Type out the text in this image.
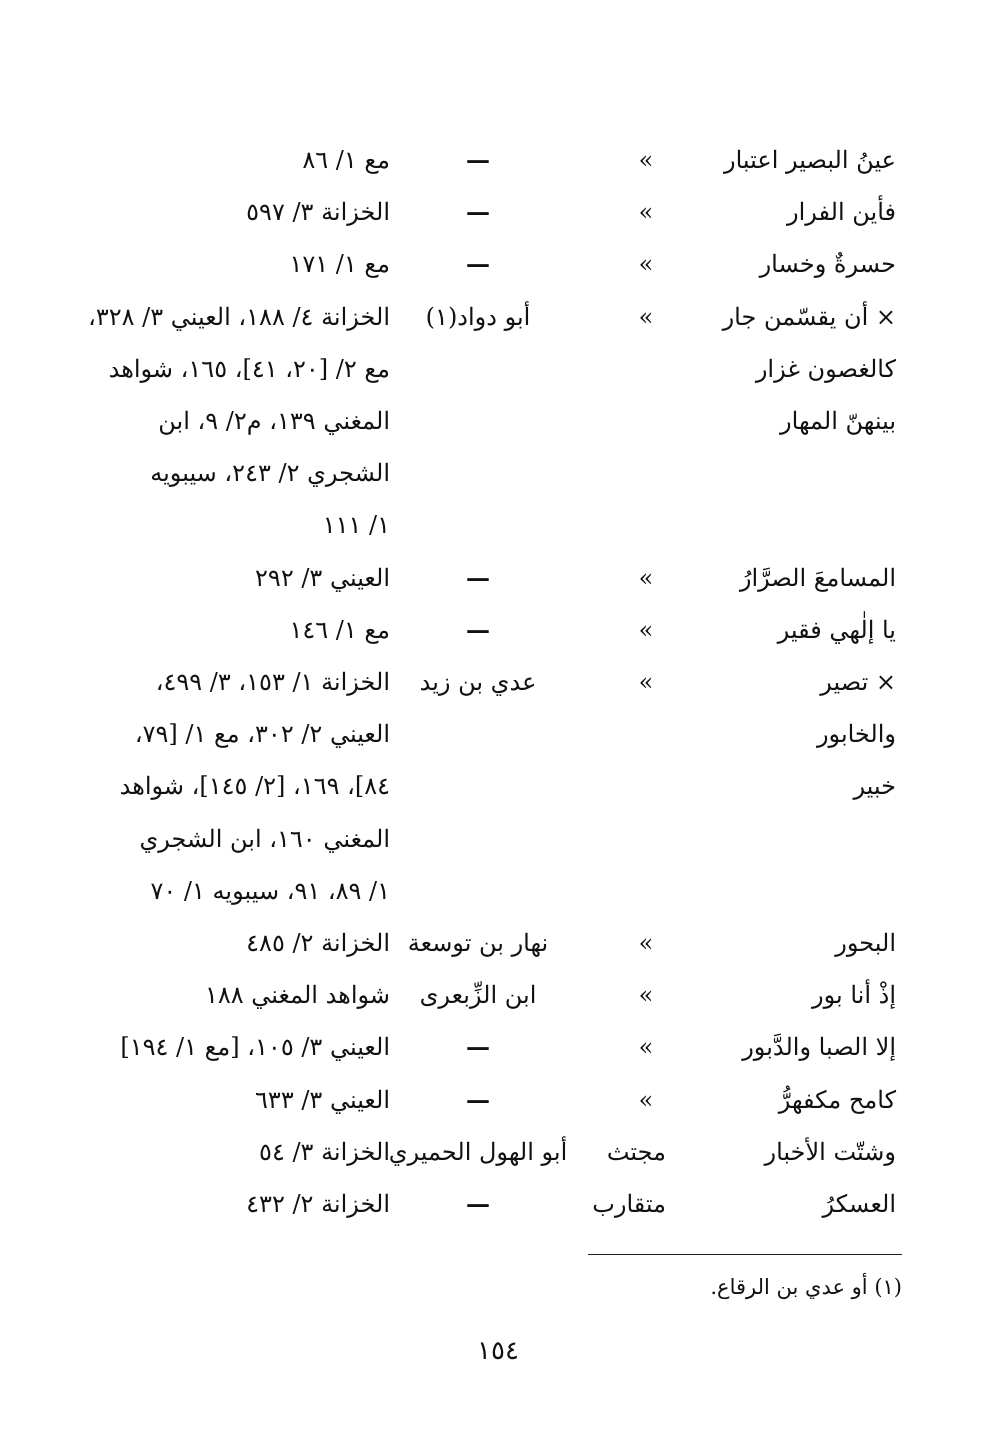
عينُ البصير اعتبار
»
—
مع ١/ ٨٦
فأين الفرار
»
—
الخزانة ٣/ ٥٩٧
حسرةٌ وخسار
»
—
مع ١/ ١٧١
× أن يقسّمن جار
»
أبو دواد(١)
الخزانة ٤/ ١٨٨، العيني ٣/ ٣٢٨،
كالغصون غزار
مع ٢/ [٢٠، ٤١]، ١٦٥، شواهد
بينهنّ المهار
المغني ١٣٩، م٢/ ٩، ابن
الشجري ٢/ ٢٤٣، سيبويه
١/ ١١١
المسامعَ الصرَّارُ
»
—
العيني ٣/ ٢٩٢
يا إلٰهي فقير
»
—
مع ١/ ١٤٦
× تصير
»
عدي بن زيد
الخزانة ١/ ١٥٣، ٣/ ٤٩٩،
والخابور
العيني ٢/ ٣٠٢، مع ١/ [٧٩،
خبير
٨٤]، ١٦٩، [٢/ ١٤٥]، شواهد
المغني ١٦٠، ابن الشجري
١/ ٨٩، ٩١، سيبويه ١/ ٧٠
البحور
»
نهار بن توسعة
الخزانة ٢/ ٤٨٥
إذْ أنا بور
»
ابن الزِّبعرى
شواهد المغني ١٨٨
إلا الصبا والدَّبور
»
—
العيني ٣/ ١٠٥، [مع ١/ ١٩٤]
كامح مكفهرُّ
»
—
العيني ٣/ ٦٣٣
وشتّت الأخبار
مجتث
أبو الهول الحميري
الخزانة ٣/ ٥٤
العسكرُ
متقارب
—
الخزانة ٢/ ٤٣٢
(١) أو عدي بن الرقاع.
١٥٤
